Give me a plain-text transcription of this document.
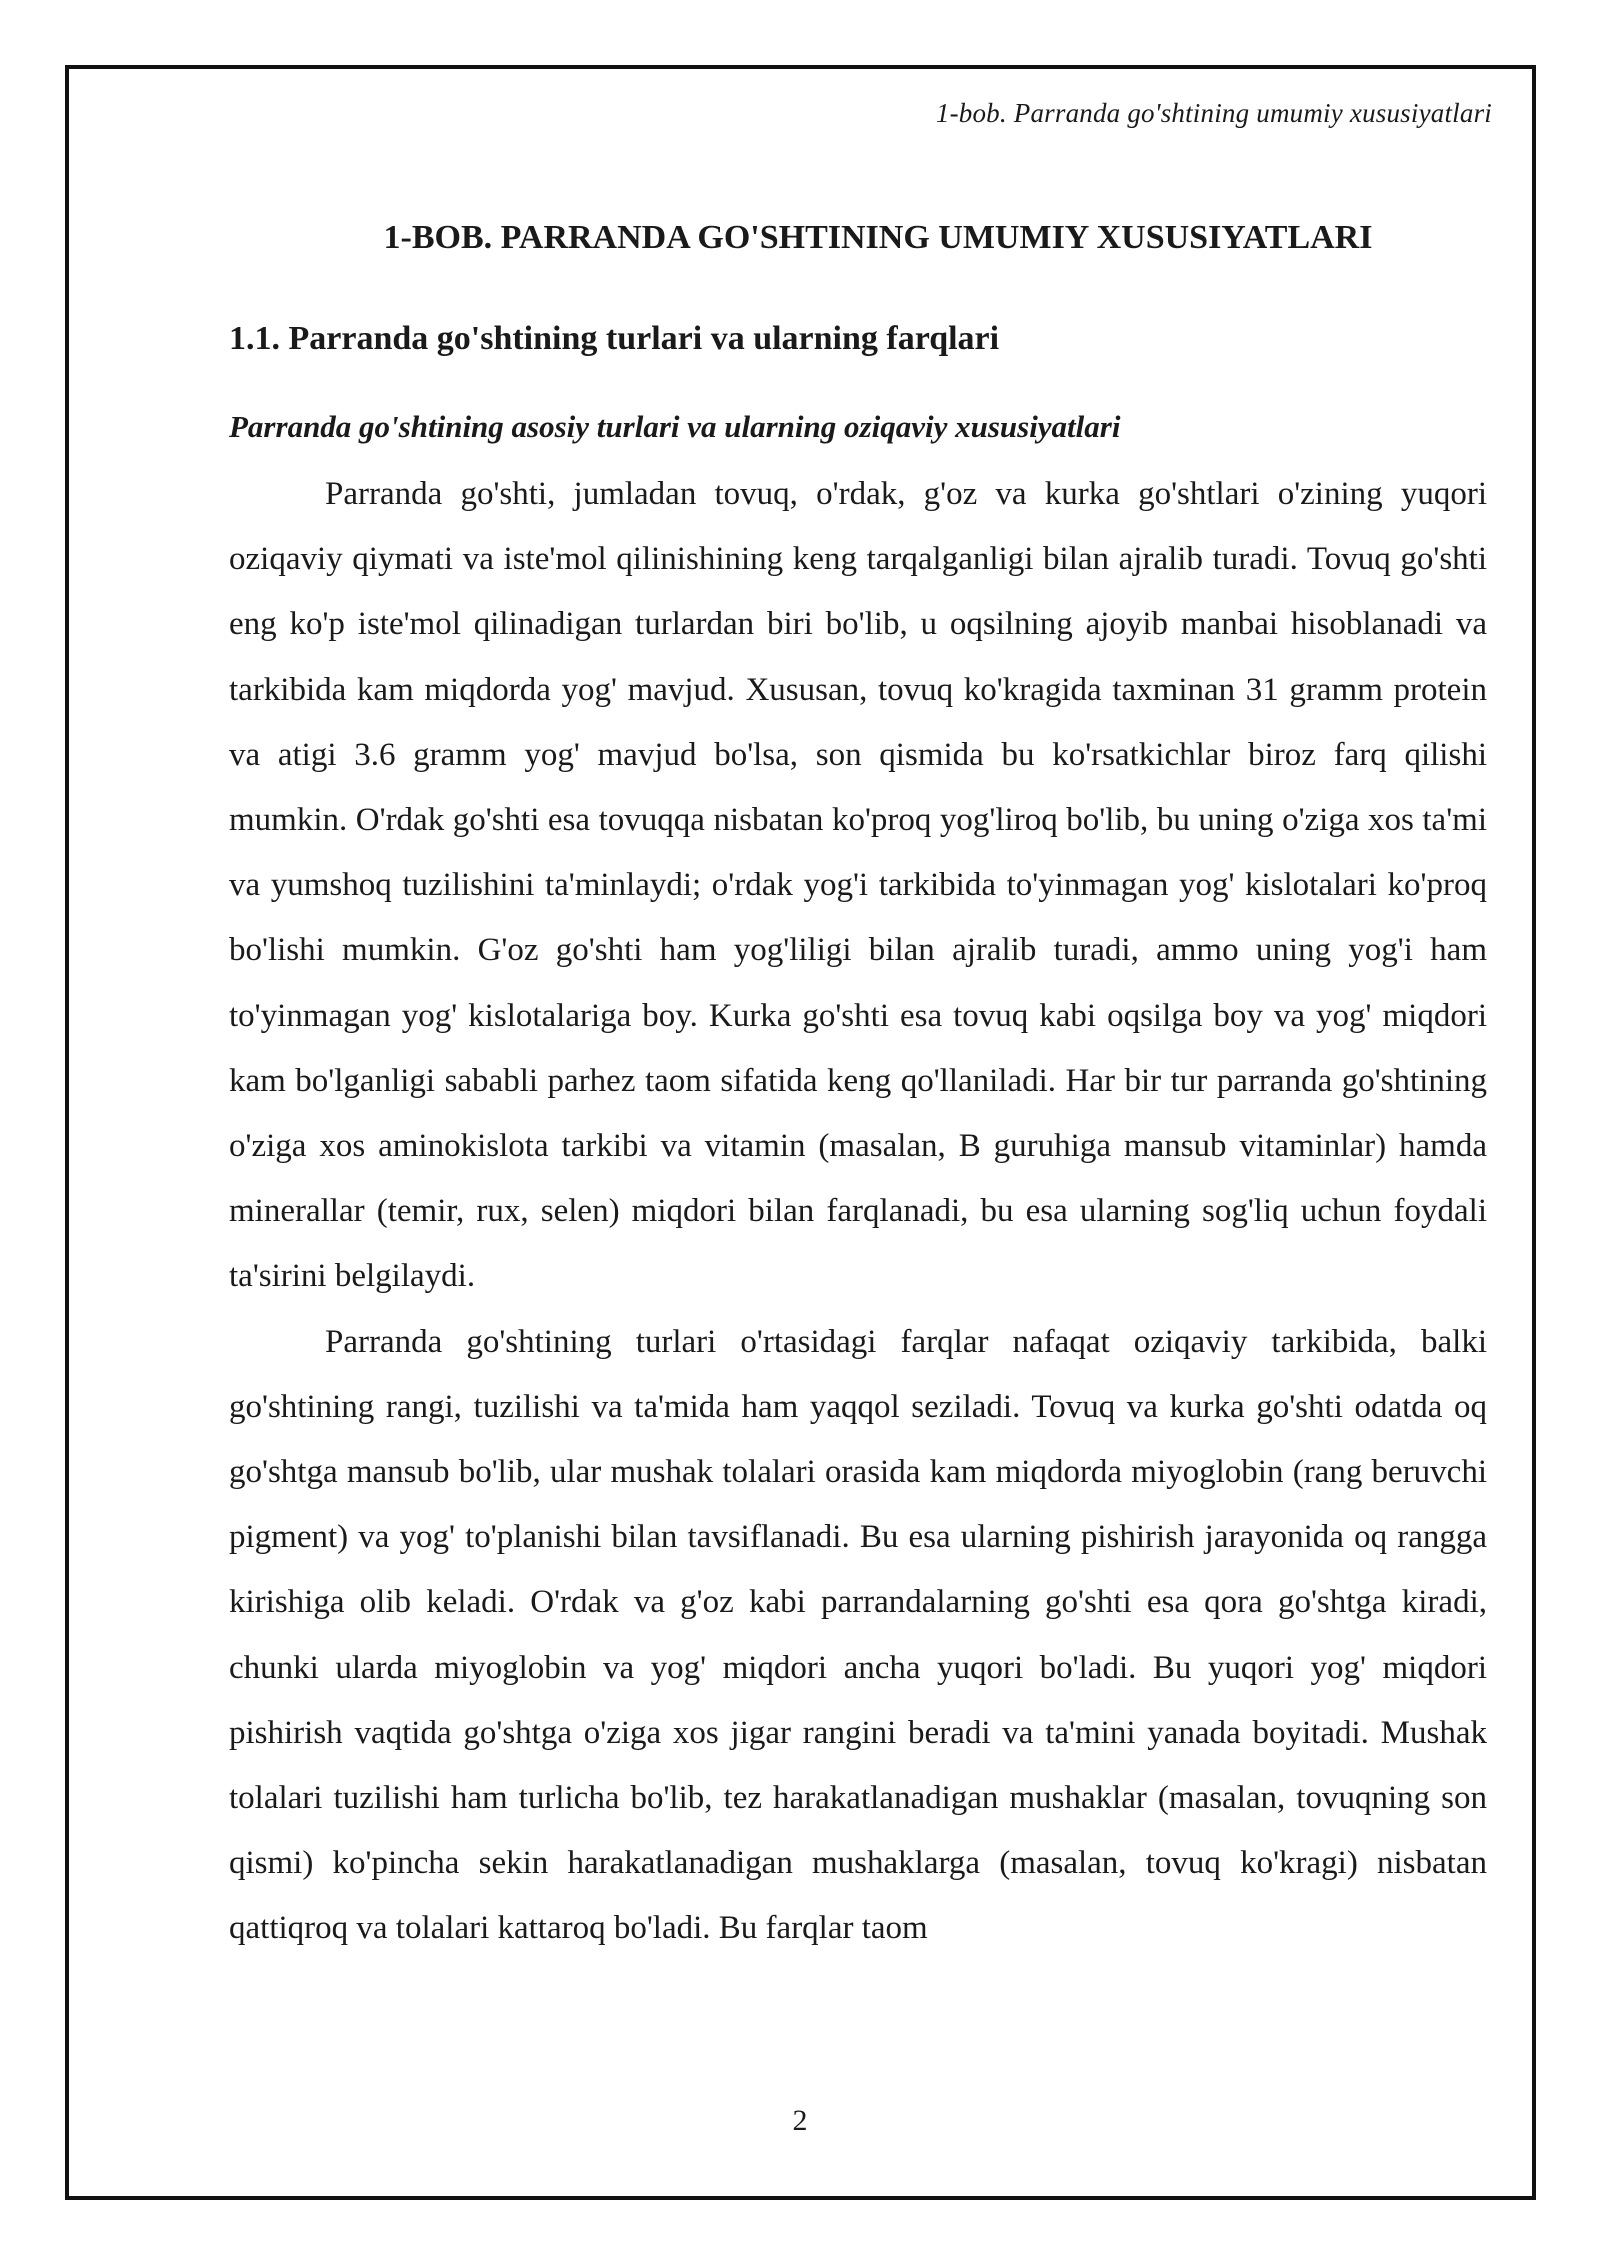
1-bob. Parranda go'shtining umumiy xususiyatlari
1-BOB. PARRANDA GO'SHTINING UMUMIY XUSUSIYATLARI
1.1. Parranda go'shtining turlari va ularning farqlari
Parranda go'shtining asosiy turlari va ularning oziqaviy xususiyatlari

Parranda go'shti, jumladan tovuq, o'rdak, g'oz va kurka go'shtlari o'zining yuqori oziqaviy qiymati va iste'mol qilinishining keng tarqalganligi bilan ajralib turadi. Tovuq go'shti eng ko'p iste'mol qilinadigan turlardan biri bo'lib, u oqsilning ajoyib manbai hisoblanadi va tarkibida kam miqdorda yog' mavjud. Xususan, tovuq ko'kragida taxminan 31 gramm protein va atigi 3.6 gramm yog' mavjud bo'lsa, son qismida bu ko'rsatkichlar biroz farq qilishi mumkin. O'rdak go'shti esa tovuqqa nisbatan ko'proq yog'liroq bo'lib, bu uning o'ziga xos ta'mi va yumshoq tuzilishini ta'minlaydi; o'rdak yog'i tarkibida to'yinmagan yog' kislotalari ko'proq bo'lishi mumkin. G'oz go'shti ham yog'liligi bilan ajralib turadi, ammo uning yog'i ham to'yinmagan yog' kislotalariga boy. Kurka go'shti esa tovuq kabi oqsilga boy va yog' miqdori kam bo'lganligi sababli parhez taom sifatida keng qo'llaniladi. Har bir tur parranda go'shtining o'ziga xos aminokislota tarkibi va vitamin (masalan, B guruhiga mansub vitaminlar) hamda minerallar (temir, rux, selen) miqdori bilan farqlanadi, bu esa ularning sog'liq uchun foydali ta'sirini belgilaydi.

Parranda go'shtining turlari o'rtasidagi farqlar nafaqat oziqaviy tarkibida, balki go'shtining rangi, tuzilishi va ta'mida ham yaqqol seziladi. Tovuq va kurka go'shti odatda oq go'shtga mansub bo'lib, ular mushak tolalari orasida kam miqdorda miyoglobin (rang beruvchi pigment) va yog' to'planishi bilan tavsiflanadi. Bu esa ularning pishirish jarayonida oq rangga kirishiga olib keladi. O'rdak va g'oz kabi parrandalarning go'shti esa qora go'shtga kiradi, chunki ularda miyoglobin va yog' miqdori ancha yuqori bo'ladi. Bu yuqori yog' miqdori pishirish vaqtida go'shtga o'ziga xos jigar rangini beradi va ta'mini yanada boyitadi. Mushak tolalari tuzilishi ham turlicha bo'lib, tez harakatlanadigan mushaklar (masalan, tovuqning son qismi) ko'pincha sekin harakatlanadigan mushaklarga (masalan, tovuq ko'kragi) nisbatan qattiqroq va tolalari kattaroq bo'ladi. Bu farqlar taom

2
